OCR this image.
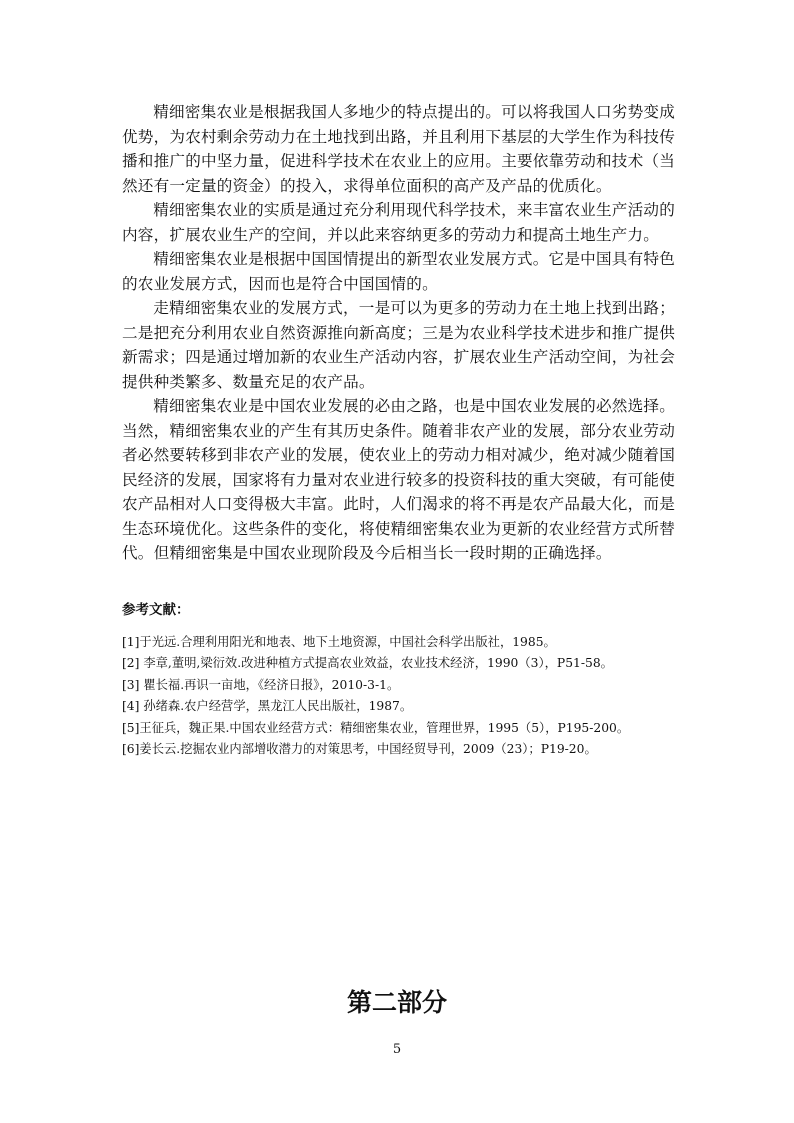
精细密集农业是根据我国人多地少的特点提出的。可以将我国人口劣势变成优势，为农村剩余劳动力在土地找到出路，并且利用下基层的大学生作为科技传播和推广的中坚力量，促进科学技术在农业上的应用。主要依靠劳动和技术（当然还有一定量的资金）的投入，求得单位面积的高产及产品的优质化。

精细密集农业的实质是通过充分利用现代科学技术，来丰富农业生产活动的内容，扩展农业生产的空间，并以此来容纳更多的劳动力和提高土地生产力。

精细密集农业是根据中国国情提出的新型农业发展方式。它是中国具有特色的农业发展方式，因而也是符合中国国情的。

走精细密集农业的发展方式，一是可以为更多的劳动力在土地上找到出路；二是把充分利用农业自然资源推向新高度；三是为农业科学技术进步和推广提供新需求；四是通过增加新的农业生产活动内容，扩展农业生产活动空间，为社会提供种类繁多、数量充足的农产品。

精细密集农业是中国农业发展的必由之路，也是中国农业发展的必然选择。当然，精细密集农业的产生有其历史条件。随着非农产业的发展，部分农业劳动者必然要转移到非农产业的发展，使农业上的劳动力相对减少，绝对减少随着国民经济的发展，国家将有力量对农业进行较多的投资科技的重大突破，有可能使农产品相对人口变得极大丰富。此时，人们渴求的将不再是农产品最大化，而是生态环境优化。这些条件的变化，将使精细密集农业为更新的农业经营方式所替代。但精细密集是中国农业现阶段及今后相当长一段时期的正确选择。

参考文献：
[1]于光远.合理利用阳光和地表、地下土地资源，中国社会科学出版社，1985。
[2] 李章,董明,梁衍效.改进种植方式提高农业效益，农业技术经济，1990（3），P51-58。
[3] 瞿长福.再识一亩地，《经济日报》，2010-3-1。
[4] 孙绪森.农户经营学，黑龙江人民出版社，1987。
[5]王征兵，魏正果.中国农业经营方式：精细密集农业，管理世界，1995（5），P195-200。
[6]姜长云.挖掘农业内部增收潜力的对策思考，中国经贸导刊，2009（23）；P19-20。
第二部分
5
